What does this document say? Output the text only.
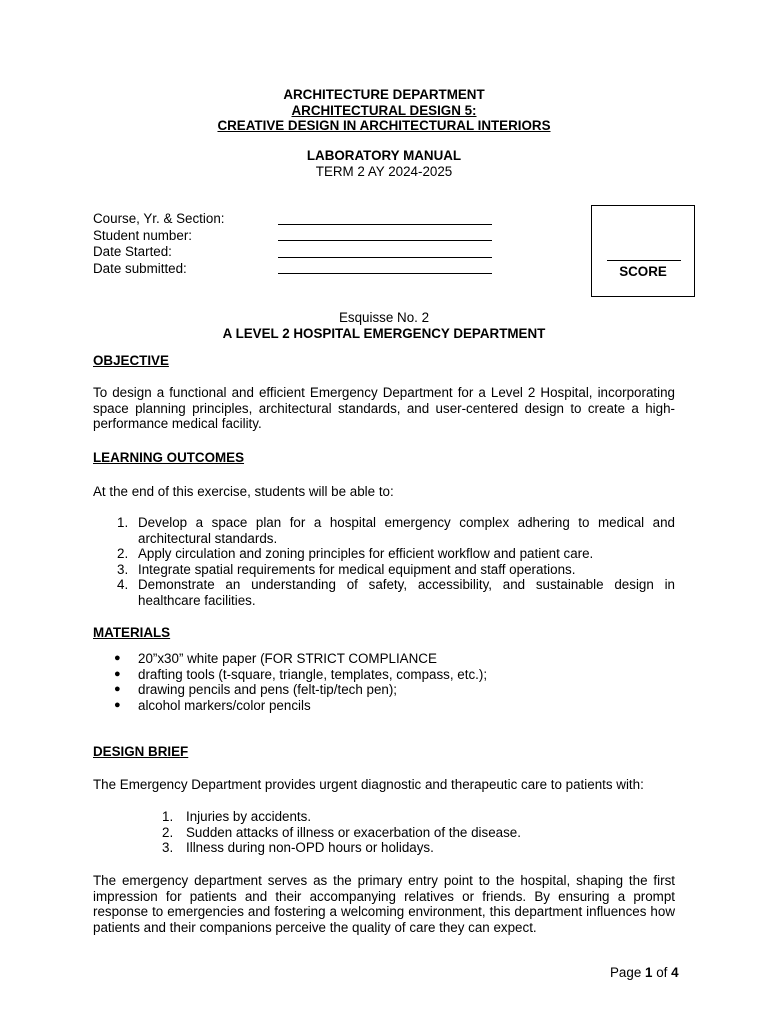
ARCHITECTURE DEPARTMENT
ARCHITECTURAL DESIGN 5:
CREATIVE DESIGN IN ARCHITECTURAL INTERIORS
LABORATORY MANUAL
TERM 2 AY 2024-2025
Course, Yr. & Section:
Student number:
Date Started:
Date submitted:	SCORE
Esquisse No. 2
A LEVEL 2 HOSPITAL EMERGENCY DEPARTMENT
OBJECTIVE
To design a functional and efficient Emergency Department for a Level 2 Hospital, incorporating space planning principles, architectural standards, and user-centered design to create a high-performance medical facility.
LEARNING OUTCOMES
At the end of this exercise, students will be able to:
1. Develop a space plan for a hospital emergency complex adhering to medical and architectural standards.
2. Apply circulation and zoning principles for efficient workflow and patient care.
3. Integrate spatial requirements for medical equipment and staff operations.
4. Demonstrate an understanding of safety, accessibility, and sustainable design in healthcare facilities.
MATERIALS
●	20”x30” white paper (FOR STRICT COMPLIANCE
●	drafting tools (t-square, triangle, templates, compass, etc.);
●	drawing pencils and pens (felt-tip/tech pen);
●	alcohol markers/color pencils
DESIGN BRIEF
The Emergency Department provides urgent diagnostic and therapeutic care to patients with:
1. Injuries by accidents.
2. Sudden attacks of illness or exacerbation of the disease.
3. Illness during non-OPD hours or holidays.
The emergency department serves as the primary entry point to the hospital, shaping the first impression for patients and their accompanying relatives or friends. By ensuring a prompt response to emergencies and fostering a welcoming environment, this department influences how patients and their companions perceive the quality of care they can expect.
Page 1 of 4
